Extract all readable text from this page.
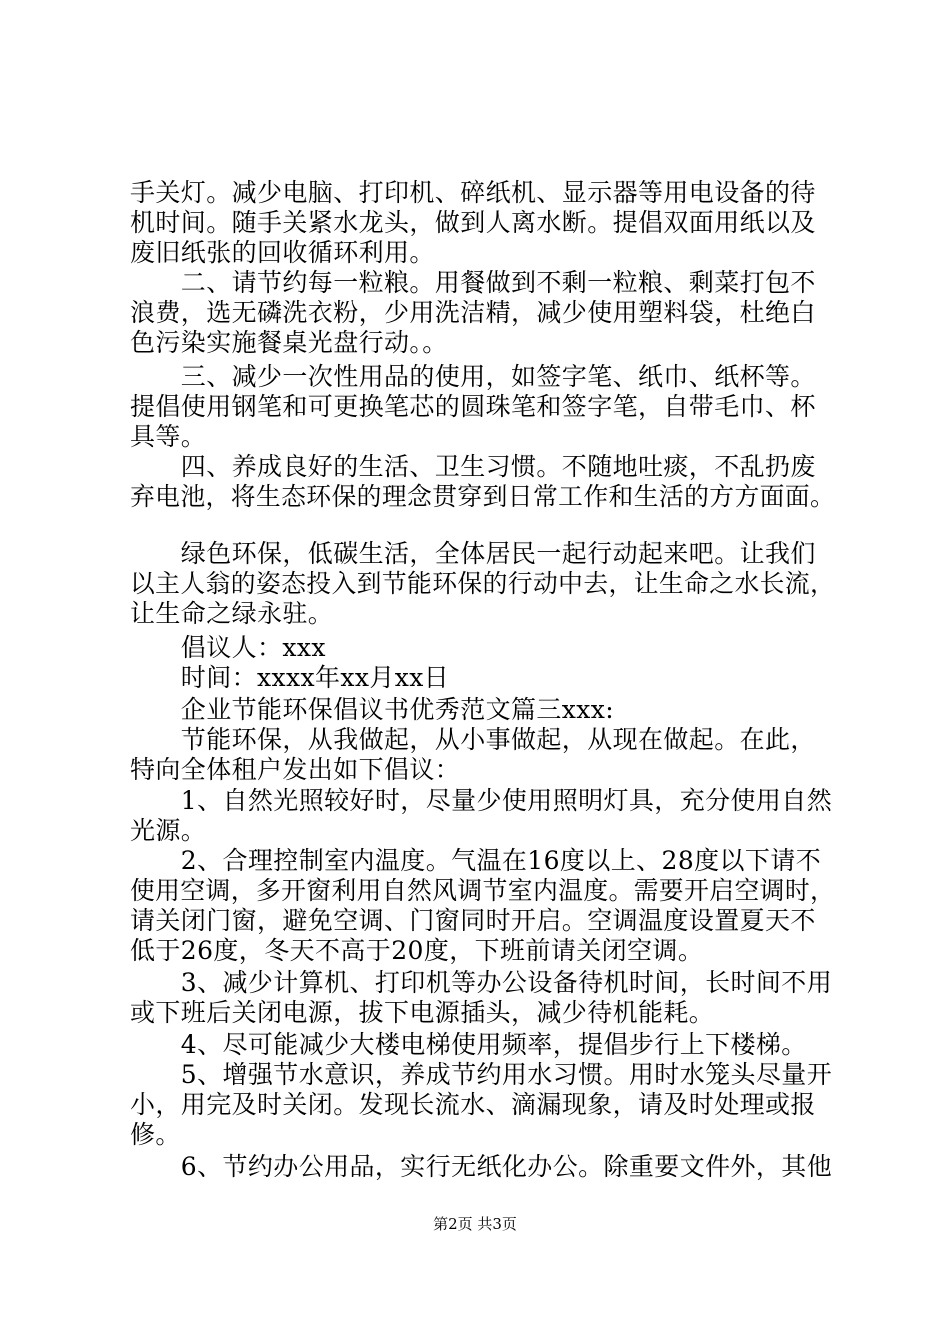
手关灯。减少电脑、打印机、碎纸机、显示器等用电设备的待
机时间。随手关紧水龙头，做到人离水断。提倡双面用纸以及
废旧纸张的回收循环利用。
　　二、请节约每一粒粮。用餐做到不剩一粒粮、剩菜打包不
浪费，选无磷洗衣粉，少用洗洁精，减少使用塑料袋，杜绝白
色污染实施餐桌光盘行动。。
　　三、减少一次性用品的使用，如签字笔、纸巾、纸杯等。
提倡使用钢笔和可更换笔芯的圆珠笔和签字笔，自带毛巾、杯
具等。
　　四、养成良好的生活、卫生习惯。不随地吐痰，不乱扔废
弃电池，将生态环保的理念贯穿到日常工作和生活的方方面面。
　　绿色环保，低碳生活，全体居民一起行动起来吧。让我们
以主人翁的姿态投入到节能环保的行动中去，让生命之水长流，
让生命之绿永驻。
　　倡议人：xxx
　　时间：xxxx年xx月xx日
　　企业节能环保倡议书优秀范文篇三xxx:
　　节能环保，从我做起，从小事做起，从现在做起。在此，
特向全体租户发出如下倡议：
　　1、自然光照较好时，尽量少使用照明灯具，充分使用自然
光源。
　　2、合理控制室内温度。气温在16度以上、28度以下请不
使用空调，多开窗利用自然风调节室内温度。需要开启空调时，
请关闭门窗，避免空调、门窗同时开启。空调温度设置夏天不
低于26度，冬天不高于20度，下班前请关闭空调。
　　3、减少计算机、打印机等办公设备待机时间，长时间不用
或下班后关闭电源，拔下电源插头，减少待机能耗。
　　4、尽可能减少大楼电梯使用频率，提倡步行上下楼梯。
　　5、增强节水意识，养成节约用水习惯。用时水笼头尽量开
小，用完及时关闭。发现长流水、滴漏现象，请及时处理或报
修。
　　6、节约办公用品，实行无纸化办公。除重要文件外，其他
第2页 共3页
